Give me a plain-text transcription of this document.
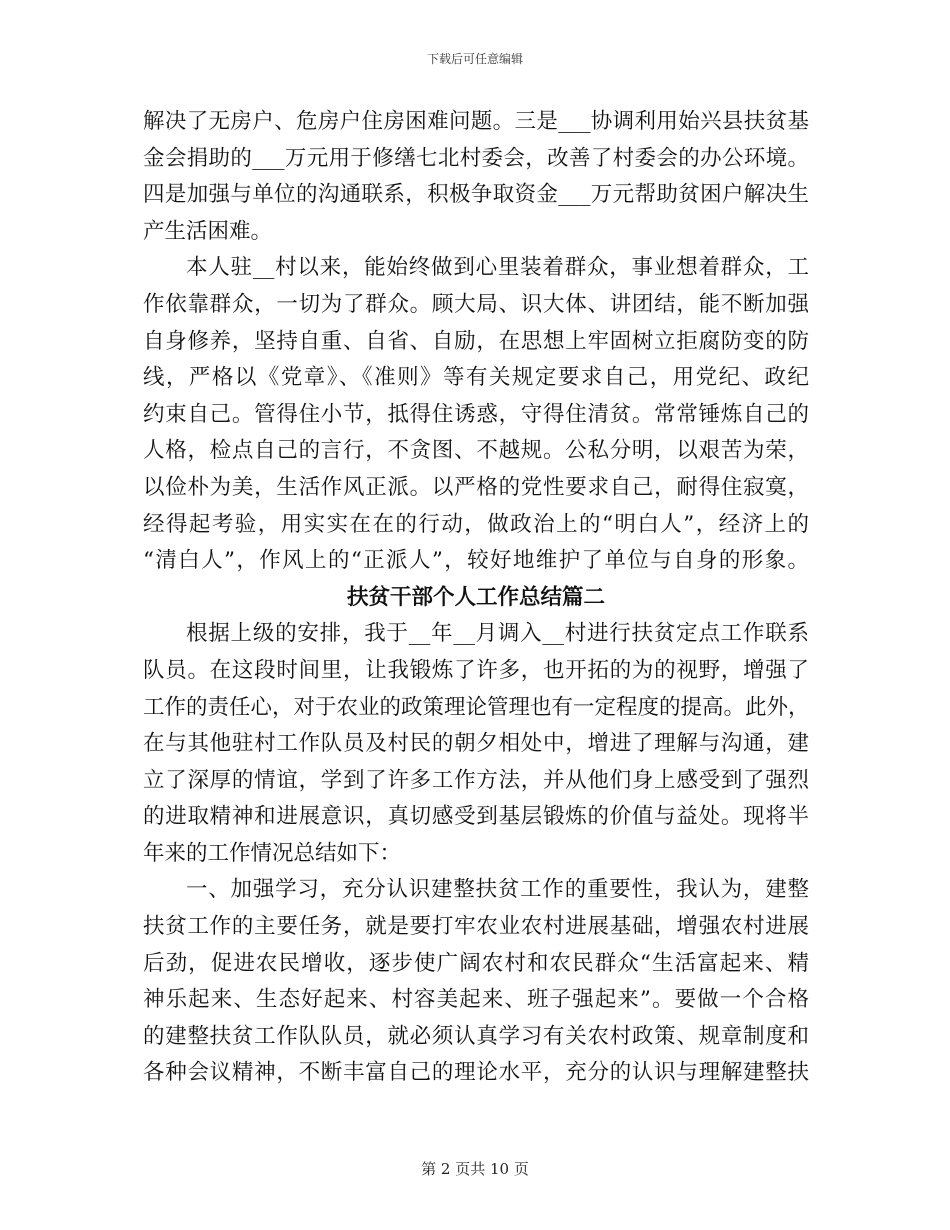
下载后可任意编辑
解决了无房户、危房户住房困难问题。三是___协调利用始兴县扶贫基
金会捐助的___万元用于修缮七北村委会，改善了村委会的办公环境。
四是加强与单位的沟通联系，积极争取资金___万元帮助贫困户解决生
产生活困难。
本人驻__村以来，能始终做到心里装着群众，事业想着群众，工
作依靠群众，一切为了群众。顾大局、识大体、讲团结，能不断加强
自身修养，坚持自重、自省、自励，在思想上牢固树立拒腐防变的防
线，严格以《党章》、《准则》等有关规定要求自己，用党纪、政纪
约束自己。管得住小节，抵得住诱惑，守得住清贫。常常锤炼自己的
人格，检点自己的言行，不贪图、不越规。公私分明，以艰苦为荣，
以俭朴为美，生活作风正派。以严格的党性要求自己，耐得住寂寞，
经得起考验，用实实在在的行动，做政治上的“明白人”，经济上的
“清白人”，作风上的“正派人”，较好地维护了单位与自身的形象。
扶贫干部个人工作总结篇二
根据上级的安排，我于__年__月调入__村进行扶贫定点工作联系
队员。在这段时间里，让我锻炼了许多，也开拓的为的视野，增强了
工作的责任心，对于农业的政策理论管理也有一定程度的提高。此外，
在与其他驻村工作队员及村民的朝夕相处中，增进了理解与沟通，建
立了深厚的情谊，学到了许多工作方法，并从他们身上感受到了强烈
的进取精神和进展意识，真切感受到基层锻炼的价值与益处。现将半
年来的工作情况总结如下：
一、加强学习，充分认识建整扶贫工作的重要性，我认为，建整
扶贫工作的主要任务，就是要打牢农业农村进展基础，增强农村进展
后劲，促进农民增收，逐步使广阔农村和农民群众“生活富起来、精
神乐起来、生态好起来、村容美起来、班子强起来”。要做一个合格
的建整扶贫工作队队员，就必须认真学习有关农村政策、规章制度和
各种会议精神，不断丰富自己的理论水平，充分的认识与理解建整扶
第 2 页共 10 页
